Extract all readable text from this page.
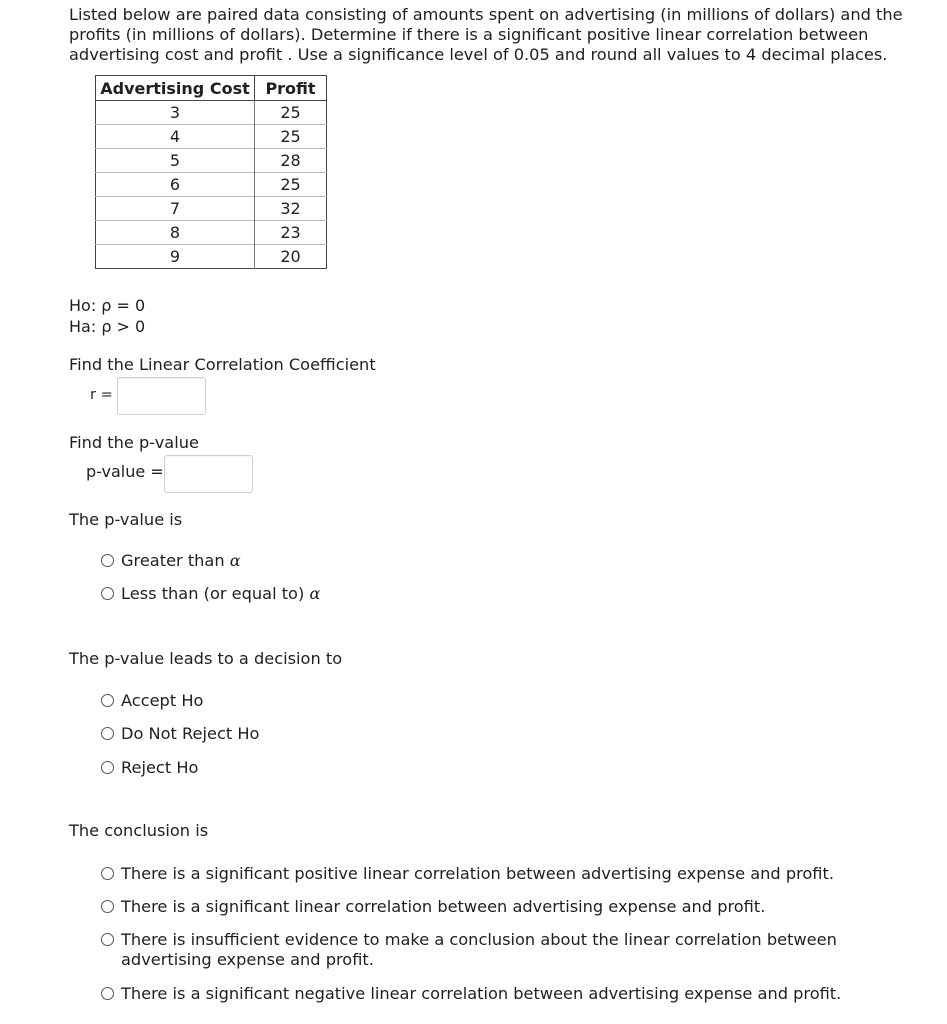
Listed below are paired data consisting of amounts spent on advertising (in millions of dollars) and the profits (in millions of dollars). Determine if there is a significant positive linear correlation between advertising cost and profit . Use a significance level of 0.05 and round all values to 4 decimal places.

Advertising Cost	Profit
3	25
4	25
5	28
6	25
7	32
8	23
9	20
Ho: ρ = 0
Ha: ρ > 0
Find the Linear Correlation Coefficient
r =
Find the p-value
p-value =
The p-value is
Greater than α
Less than (or equal to) α
The p-value leads to a decision to
Accept Ho
Do Not Reject Ho
Reject Ho
The conclusion is
There is a significant positive linear correlation between advertising expense and profit.
There is a significant linear correlation between advertising expense and profit.
There is insufficient evidence to make a conclusion about the linear correlation between advertising expense and profit.
There is a significant negative linear correlation between advertising expense and profit.
